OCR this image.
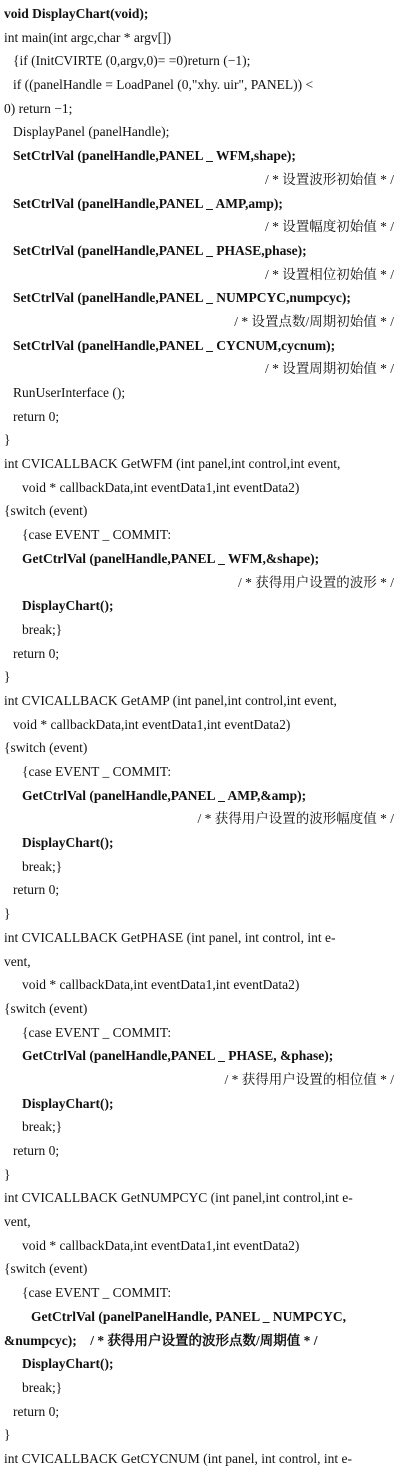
void DisplayChart(void);
int main(int argc,char * argv[])
{if (InitCVIRTE (0,argv,0)= =0)return (−1);
if ((panelHandle = LoadPanel (0,"xhy. uir", PANEL)) <
0) return −1;
DisplayPanel (panelHandle);
SetCtrlVal (panelHandle,PANEL _ WFM,shape);
/ * 设置波形初始值 * /
SetCtrlVal (panelHandle,PANEL _ AMP,amp);
/ * 设置幅度初始值 * /
SetCtrlVal (panelHandle,PANEL _ PHASE,phase);
/ * 设置相位初始值 * /
SetCtrlVal (panelHandle,PANEL _ NUMPCYC,numpcyc);
/ * 设置点数/周期初始值 * /
SetCtrlVal (panelHandle,PANEL _ CYCNUM,cycnum);
/ * 设置周期初始值 * /
RunUserInterface ();
return 0;
}
int CVICALLBACK GetWFM (int panel,int control,int event,
void * callbackData,int eventData1,int eventData2)
{switch (event)
{case EVENT _ COMMIT:
GetCtrlVal (panelHandle,PANEL _ WFM,&shape);
/ * 获得用户设置的波形 * /
DisplayChart();
break;}
return 0;
}
int CVICALLBACK GetAMP (int panel,int control,int event,
void * callbackData,int eventData1,int eventData2)
{switch (event)
{case EVENT _ COMMIT:
GetCtrlVal (panelHandle,PANEL _ AMP,&amp);
/ * 获得用户设置的波形幅度值 * /
DisplayChart();
break;}
return 0;
}
int CVICALLBACK GetPHASE (int panel, int control, int e-
vent,
void * callbackData,int eventData1,int eventData2)
{switch (event)
{case EVENT _ COMMIT:
GetCtrlVal (panelHandle,PANEL _ PHASE, &phase);
/ * 获得用户设置的相位值 * /
DisplayChart();
break;}
return 0;
}
int CVICALLBACK GetNUMPCYC (int panel,int control,int e-
vent,
void * callbackData,int eventData1,int eventData2)
{switch (event)
{case EVENT _ COMMIT:
GetCtrlVal (panelPanelHandle, PANEL _ NUMPCYC,
&numpcyc);    / * 获得用户设置的波形点数/周期值 * /
DisplayChart();
break;}
return 0;
}
int CVICALLBACK GetCYCNUM (int panel, int control, int e-
